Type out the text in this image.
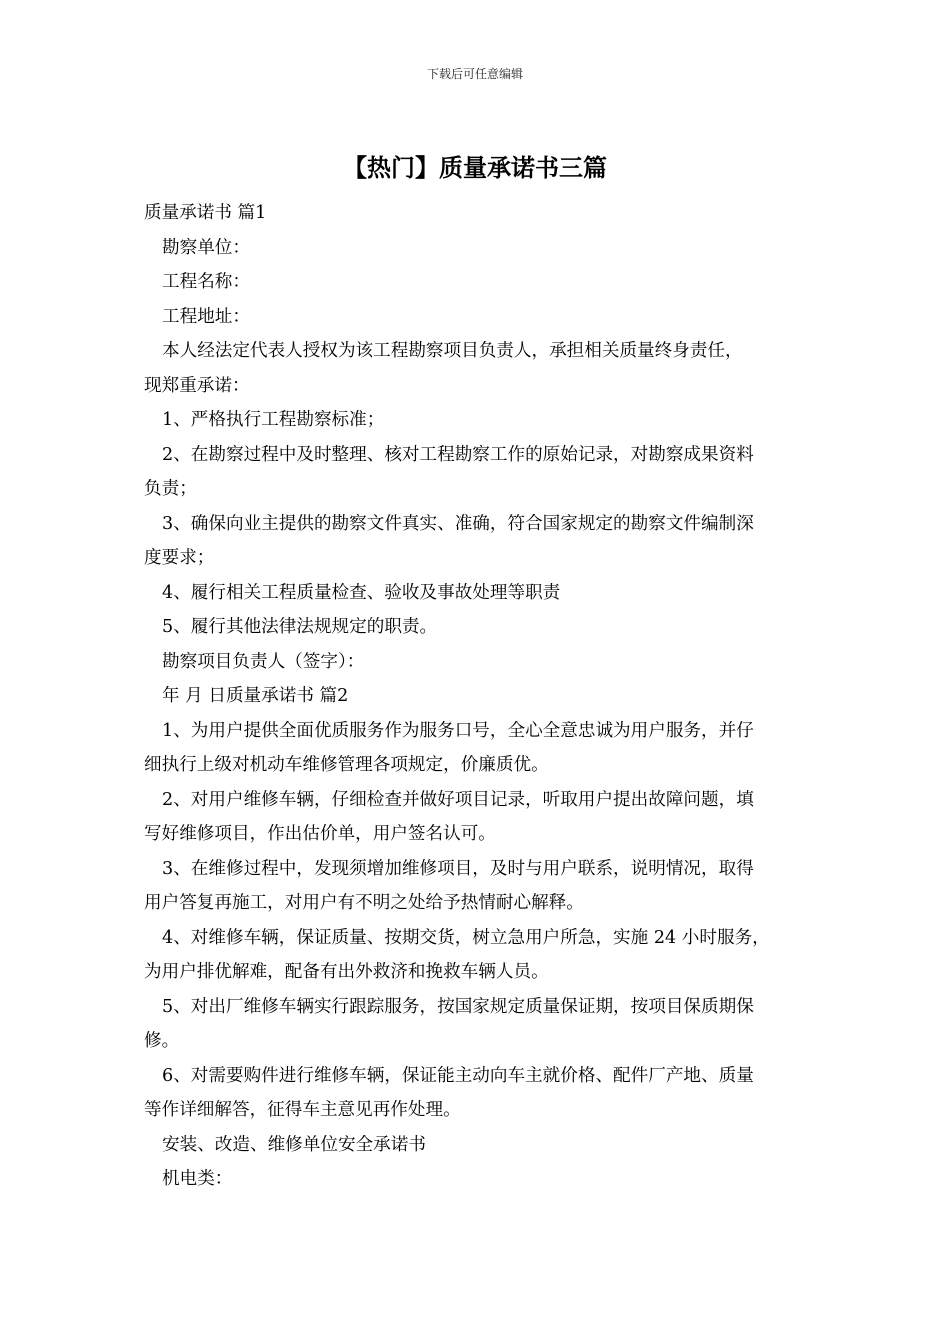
下载后可任意编辑
【热门】质量承诺书三篇

质量承诺书 篇1

勘察单位：

工程名称：

工程地址：

本人经法定代表人授权为该工程勘察项目负责人，承担相关质量终身责任，

现郑重承诺：

1、严格执行工程勘察标准；

2、在勘察过程中及时整理、核对工程勘察工作的原始记录，对勘察成果资料

负责；

3、确保向业主提供的勘察文件真实、准确，符合国家规定的勘察文件编制深

度要求；

4、履行相关工程质量检查、验收及事故处理等职责

5、履行其他法律法规规定的职责。

勘察项目负责人（签字）：

年 月 日质量承诺书 篇2

1、为用户提供全面优质服务作为服务口号，全心全意忠诚为用户服务，并仔

细执行上级对机动车维修管理各项规定，价廉质优。

2、对用户维修车辆，仔细检查并做好项目记录，听取用户提出故障问题，填

写好维修项目，作出估价单，用户签名认可。

3、在维修过程中，发现须增加维修项目，及时与用户联系，说明情况，取得

用户答复再施工，对用户有不明之处给予热情耐心解释。

4、对维修车辆，保证质量、按期交货，树立急用户所急，实施 24 小时服务，

为用户排优解难，配备有出外救济和挽救车辆人员。

5、对出厂维修车辆实行跟踪服务，按国家规定质量保证期，按项目保质期保

修。

6、对需要购件进行维修车辆，保证能主动向车主就价格、配件厂产地、质量

等作详细解答，征得车主意见再作处理。

安装、改造、维修单位安全承诺书

机电类：
